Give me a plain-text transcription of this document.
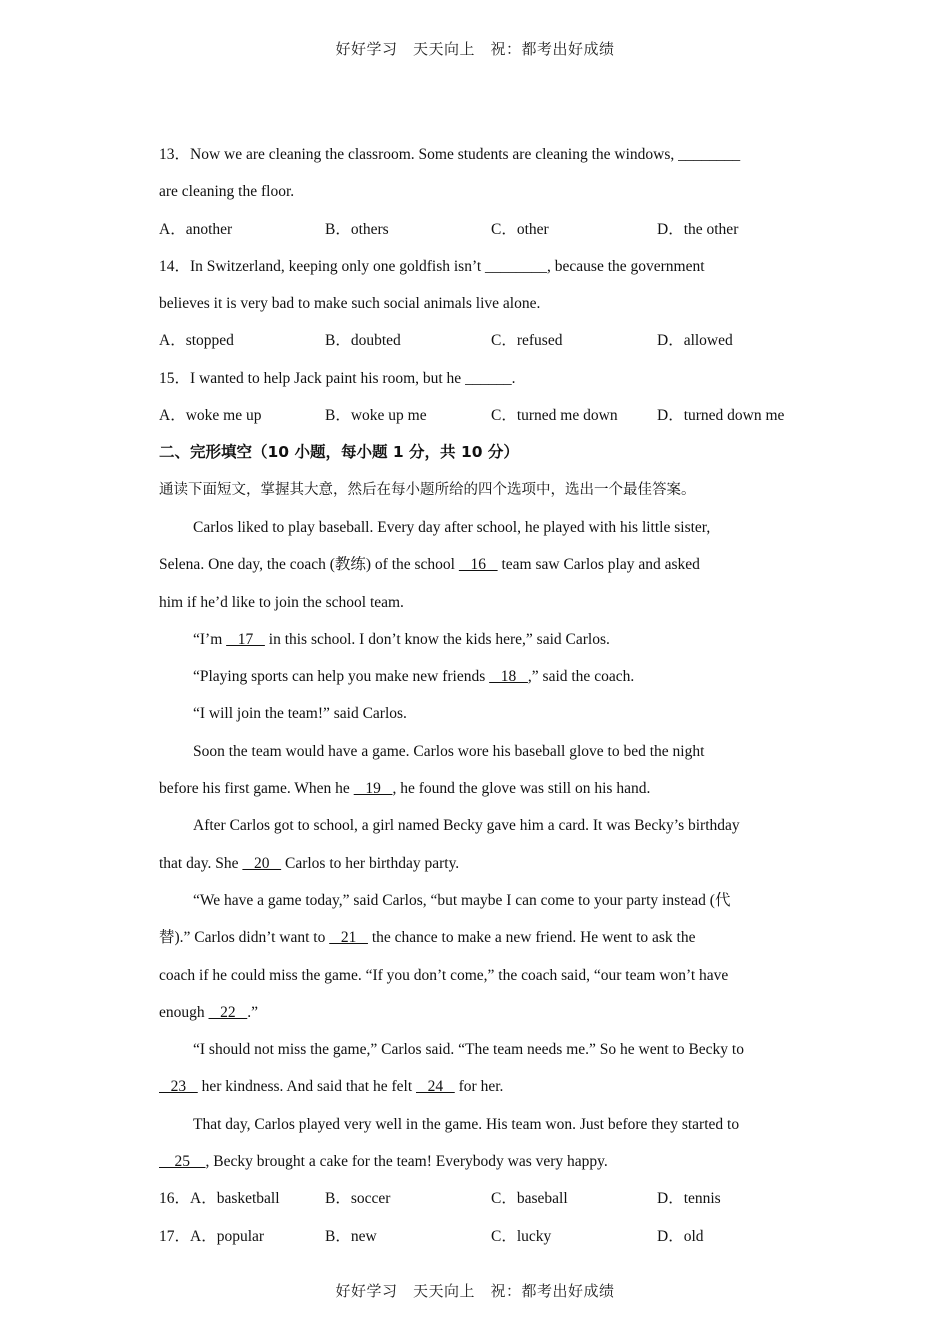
好好学习　天天向上　祝：都考出好成绩
13．Now we are cleaning the classroom. Some students are cleaning the windows, ________
are cleaning the floor.
A．another	B．others	C．other	D．the other
14．In Switzerland, keeping only one goldfish isn’t ________, because the government
believes it is very bad to make such social animals live alone.
A．stopped	B．doubted	C．refused	D．allowed
15．I wanted to help Jack paint his room, but he ______.
A．woke me up	B．woke up me	C．turned me down	D．turned down me
二、完形填空（10 小题，每小题 1 分，共 10 分）
通读下面短文，掌握其大意，然后在每小题所给的四个选项中，选出一个最佳答案。
Carlos liked to play baseball. Every day after school, he played with his little sister,
Selena. One day, the coach (教练) of the school    16    team saw Carlos play and asked
him if he’d like to join the school team.
“I’m    17    in this school. I don’t know the kids here,” said Carlos.
“Playing sports can help you make new friends    18   ,” said the coach.
“I will join the team!” said Carlos.
Soon the team would have a game. Carlos wore his baseball glove to bed the night
before his first game. When he    19   , he found the glove was still on his hand.
After Carlos got to school, a girl named Becky gave him a card. It was Becky’s birthday
that day. She    20    Carlos to her birthday party.
“We have a game today,” said Carlos, “but maybe I can come to your party instead (代
替).” Carlos didn’t want to    21    the chance to make a new friend. He went to ask the
coach if he could miss the game. “If you don’t come,” the coach said, “our team won’t have
enough    22   .”
“I should not miss the game,” Carlos said. “The team needs me.” So he went to Becky to
23    her kindness. And said that he felt    24    for her.
That day, Carlos played very well in the game. His team won. Just before they started to
25    , Becky brought a cake for the team! Everybody was very happy.
16．A．basketball	B．soccer	C．baseball	D．tennis
17．A．popular	B．new	C．lucky	D．old
好好学习　天天向上　祝：都考出好成绩
